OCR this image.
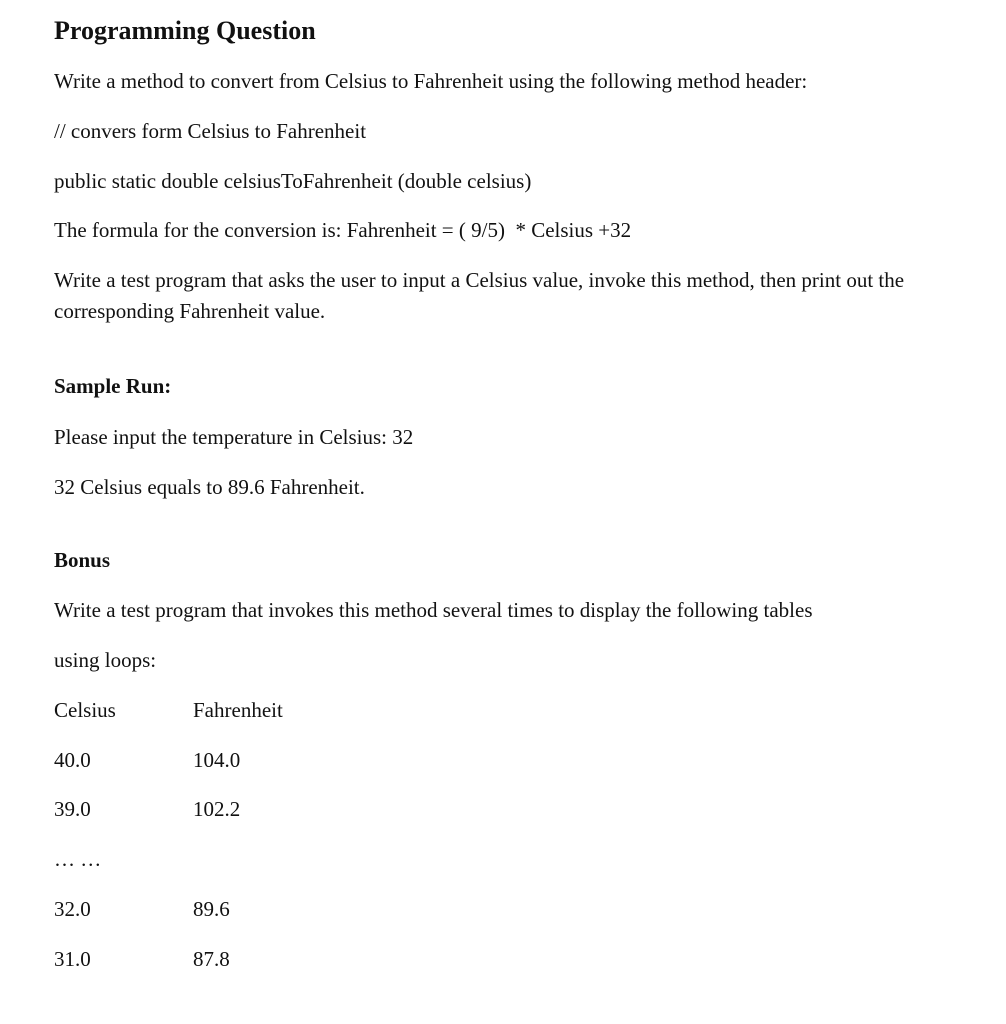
Programming Question
Write a method to convert from Celsius to Fahrenheit using the following method header:
// convers form Celsius to Fahrenheit
public static double celsiusToFahrenheit (double celsius)
The formula for the conversion is: Fahrenheit = ( 9/5)  * Celsius +32
Write a test program that asks the user to input a Celsius value, invoke this method, then print out the corresponding Fahrenheit value.
Sample Run:
Please input the temperature in Celsius: 32
32 Celsius equals to 89.6 Fahrenheit.
Bonus
Write a test program that invokes this method several times to display the following tables
using loops:
Celsius	Fahrenheit
40.0	104.0
39.0	102.2
… …
32.0	89.6
31.0	87.8
